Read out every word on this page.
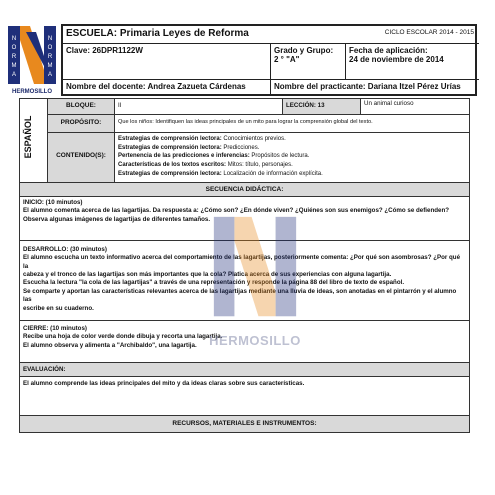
N
O
R
M
A
N
O
R
M
A
HERMOSILLO
ESCUELA: Primaria Leyes de Reforma	CICLO ESCOLAR 2014 - 2015
Clave: 26DPR1122W	Grado y Grupo:
2 ° "A"
Fecha de aplicación:
24 de noviembre de 2014
Nombre del docente: Andrea Zazueta Cárdenas	Nombre del practicante: Dariana Itzel Pérez Urías
ESPAÑOL
BLOQUE:	II	LECCIÓN: 13	Un animal curioso
PROPÓSITO:	Que los niños: Identifiquen las ideas principales de un mito para lograr la comprensión global del texto.
CONTENIDO(S):
Estrategias de comprensión lectora: Conocimientos previos.
Estrategias de comprensión lectora: Predicciones.
Pertenencia de las predicciones e inferencias: Propósitos de lectura.
Características de los textos escritos: Mitos: título, personajes.
Estrategias de comprensión lectora: Localización de información explícita.
SECUENCIA DIDÁCTICA:
INICIO: (10 minutos)
El alumno comenta acerca de las lagartijas. Da respuesta a: ¿Cómo son? ¿En dónde viven? ¿Quiénes son sus enemigos? ¿Cómo se defienden?
Observa algunas imágenes de lagartijas de diferentes tamaños.
DESARROLLO: (30 minutos)
El alumno escucha un texto informativo acerca del comportamiento de las lagartijas, posteriormente comenta: ¿Por qué son asombrosas? ¿Por qué la
cabeza y el tronco de las lagartijas son más importantes que la cola? Platica acerca de sus experiencias con alguna lagartija.
Escucha la lectura "la cola de las lagartijas" a través de una representación y responde la página 88 del libro de texto de español.
Se comparte y aportan las características relevantes acerca de las lagartijas mediante una lluvia de ideas, son anotadas en el pintarrón y el alumno las
escribe en su cuaderno.
CIERRE: (10 minutos)
Recibe una hoja de color verde donde dibuja y recorta una lagartija.
El alumno observa y alimenta a "Archibaldo", una lagartija.
EVALUACIÓN:
El alumno comprende las ideas principales del mito y da ideas claras sobre sus características.
RECURSOS, MATERIALES E INSTRUMENTOS:
HERMOSILLO
